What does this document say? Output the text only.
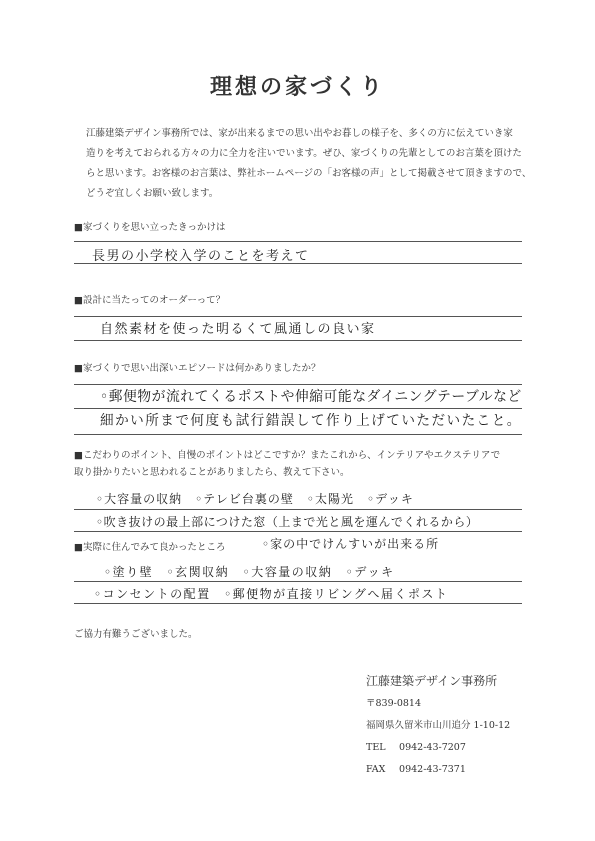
理想の家づくり

江藤建築デザイン事務所では、家が出来るまでの思い出やお暮しの様子を、多くの方に伝えていき家

造りを考えておられる方々の力に全力を注いでいます。ぜひ、家づくりの先輩としてのお言葉を頂けた

らと思います。お客様のお言葉は、弊社ホームページの「お客様の声」として掲載させて頂きますので、

どうぞ宜しくお願い致します。

■家づくりを思い立ったきっかけは
長男の小学校入学のことを考えて
■設計に当たってのオーダーって？
自然素材を使った明るくて風通しの良い家
■家づくりで思い出深いエピソードは何かありましたか？
◦郵便物が流れてくるポストや伸縮可能なダイニングテーブルなど
細かい所まで何度も試行錯誤して作り上げていただいたこと。

■こだわりのポイント、自慢のポイントはどこですか？またこれから、インテリアやエクステリアで

取り掛かりたいと思われることがありましたら、教えて下さい。

◦大容量の収納　◦テレビ台裏の壁　◦太陽光　◦デッキ
◦吹き抜けの最上部につけた窓（上まで光と風を運んでくれるから）
◦家の中でけんすいが出来る所
■実際に住んでみて良かったところ
◦塗り壁　◦玄関収納　◦大容量の収納　◦デッキ
◦コンセントの配置　◦郵便物が直接リビングへ届くポスト
ご協力有難うございました。
江藤建築デザイン事務所
〒839-0814
福岡県久留米市山川追分 1-10-12
TEL 0942-43-7207
FAX 0942-43-7371
